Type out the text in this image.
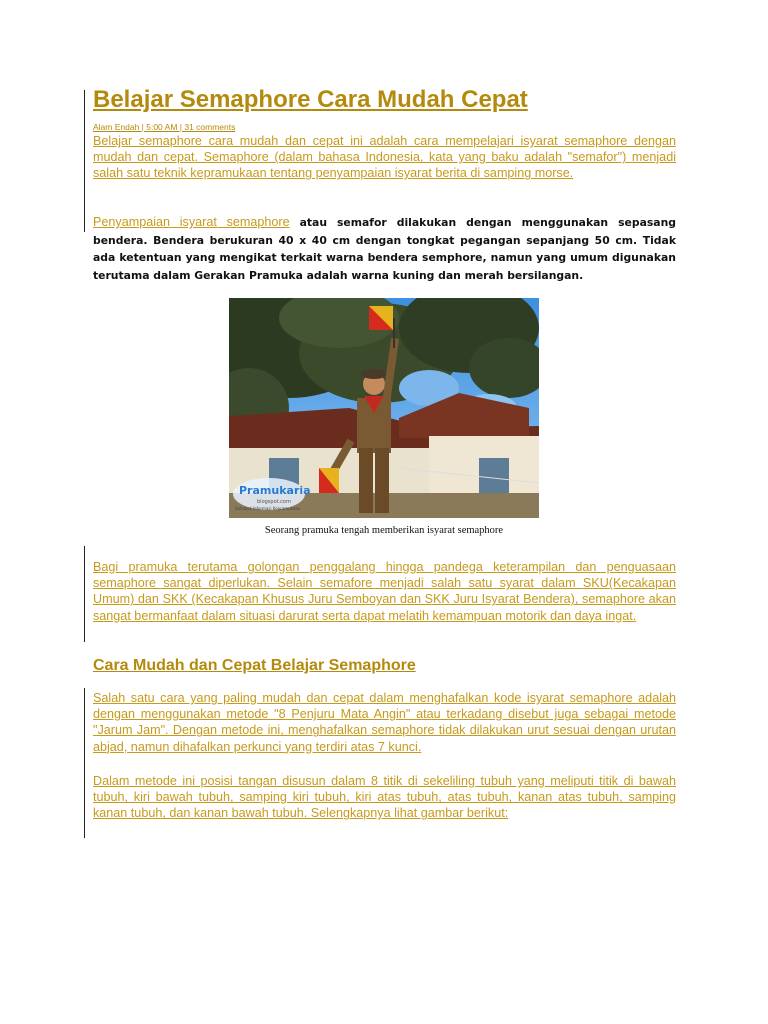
Belajar Semaphore Cara Mudah Cepat
Alam Endah | 5:00 AM | 31 comments

Belajar semaphore cara mudah dan cepat ini adalah cara mempelajari isyarat semaphore dengan mudah dan cepat. Semaphore (dalam bahasa Indonesia, kata yang baku adalah "semafor") menjadi salah satu teknik kepramukaan tentang penyampaian isyarat berita di samping morse.

Penyampaian isyarat semaphore atau semafor dilakukan dengan menggunakan sepasang bendera. Bendera berukuran 40 x 40 cm dengan tongkat pegangan sepanjang 50 cm. Tidak ada ketentuan yang mengikat terkait warna bendera semphore, namun yang umum digunakan terutama dalam Gerakan Pramuka adalah warna kuning dan merah bersilangan.
Pramukaria
blogspot.com
Sahabat Informasi Kepramukaan
Seorang pramuka tengah memberikan isyarat semaphore

Bagi pramuka terutama golongan penggalang hingga pandega keterampilan dan penguasaan semaphore sangat diperlukan. Selain semafore menjadi salah satu syarat dalam SKU(Kecakapan Umum) dan SKK (Kecakapan Khusus Juru Semboyan dan SKK Juru Isyarat Bendera), semaphore akan sangat bermanfaat dalam situasi darurat serta dapat melatih kemampuan motorik dan daya ingat.

Cara Mudah dan Cepat Belajar Semaphore

Salah satu cara yang paling mudah dan cepat dalam menghafalkan kode isyarat semaphore adalah dengan menggunakan metode "8 Penjuru Mata Angin" atau terkadang disebut juga sebagai metode "Jarum Jam". Dengan metode ini, menghafalkan semaphore tidak dilakukan urut sesuai dengan urutan abjad, namun dihafalkan perkunci yang terdiri atas 7 kunci.

Dalam metode ini posisi tangan disusun dalam 8 titik di sekeliling tubuh yang meliputi titik di bawah tubuh, kiri bawah tubuh, samping kiri tubuh, kiri atas tubuh, atas tubuh, kanan atas tubuh, samping kanan tubuh, dan kanan bawah tubuh. Selengkapnya lihat gambar berikut:
